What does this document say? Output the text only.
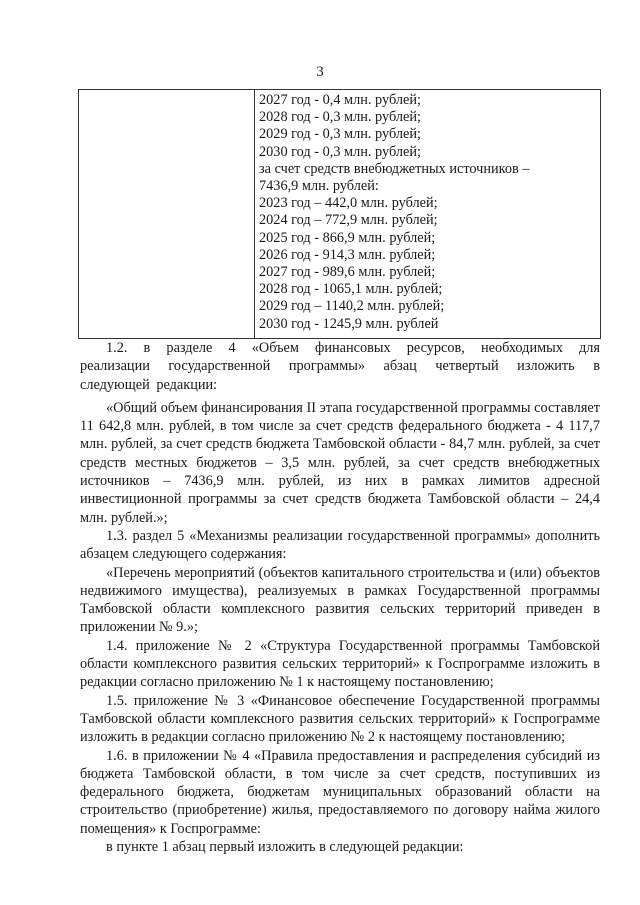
3

2027 год - 0,4 млн. рублей;
2028 год - 0,3 млн. рублей;
2029 год - 0,3 млн. рублей;
2030 год - 0,3 млн. рублей;
за счет средств внебюджетных источников –
7436,9 млн. рублей:
2023 год – 442,0 млн. рублей;
2024 год – 772,9 млн. рублей;
2025 год - 866,9 млн. рублей;
2026 год - 914,3 млн. рублей;
2027 год - 989,6 млн. рублей;
2028 год - 1065,1 млн. рублей;
2029 год – 1140,2 млн. рублей;
2030 год - 1245,9 млн. рублей

1.2. в разделе 4 «Объем финансовых ресурсов, необходимых для реализации государственной программы» абзац четвертый изложить в следующей редакции:

«Общий объем финансирования II этапа государственной программы составляет 11 642,8 млн. рублей, в том числе за счет средств федерального бюджета - 4 117,7 млн. рублей, за счет средств бюджета Тамбовской области - 84,7 млн. рублей, за счет средств местных бюджетов – 3,5 млн. рублей, за счет средств внебюджетных источников – 7436,9 млн. рублей, из них в рамках лимитов адресной инвестиционной программы за счет средств бюджета Тамбовской области – 24,4 млн. рублей.»;

1.3. раздел 5 «Механизмы реализации государственной программы» дополнить абзацем следующего содержания:

«Перечень мероприятий (объектов капитального строительства и (или) объектов недвижимого имущества), реализуемых в рамках Государственной программы Тамбовской области комплексного развития сельских территорий приведен в приложении № 9.»;

1.4. приложение № 2 «Структура Государственной программы Тамбовской области комплексного развития сельских территорий» к Госпрограмме изложить в редакции согласно приложению № 1 к настоящему постановлению;

1.5. приложение № 3 «Финансовое обеспечение Государственной программы Тамбовской области комплексного развития сельских территорий» к Госпрограмме изложить в редакции согласно приложению № 2 к настоящему постановлению;

1.6. в приложении № 4 «Правила предоставления и распределения субсидий из бюджета Тамбовской области, в том числе за счет средств, поступивших из федерального бюджета, бюджетам муниципальных образований области на строительство (приобретение) жилья, предоставляемого по договору найма жилого помещения» к Госпрограмме:

в пункте 1 абзац первый изложить в следующей редакции:
